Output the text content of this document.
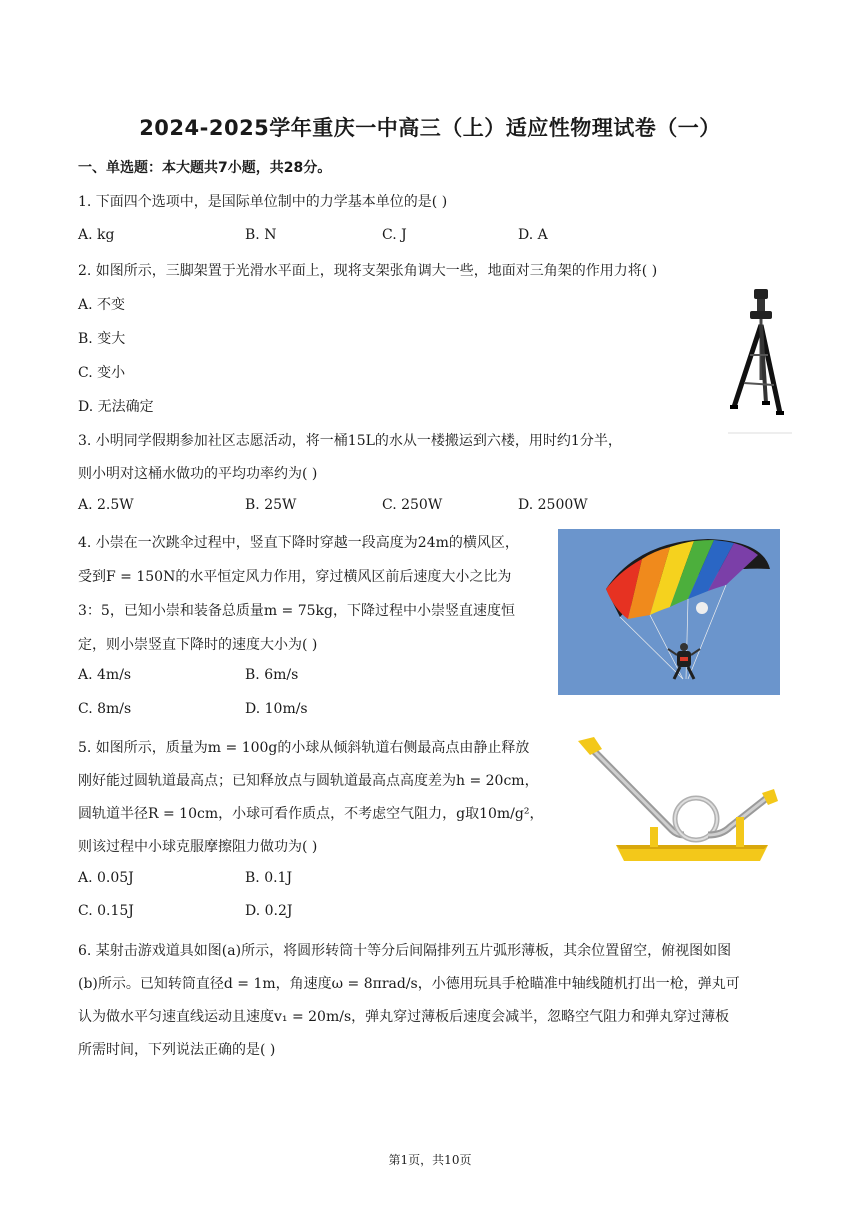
2024-2025学年重庆一中高三（上）适应性物理试卷（一）
一、单选题：本大题共7小题，共28分。
1. 下面四个选项中，是国际单位制中的力学基本单位的是( )
A. kg	B. N	C. J	D. A
2. 如图所示，三脚架置于光滑水平面上，现将支架张角调大一些，地面对三角架的作用力将( )
A. 不变
B. 变大
C. 变小
D. 无法确定
3. 小明同学假期参加社区志愿活动，将一桶15L的水从一楼搬运到六楼，用时约1分半，
则小明对这桶水做功的平均功率约为( )
A. 2.5W	B. 25W	C. 250W	D. 2500W
4. 小崇在一次跳伞过程中，竖直下降时穿越一段高度为24m的横风区，
受到F = 150N的水平恒定风力作用，穿过横风区前后速度大小之比为
3：5，已知小崇和装备总质量m = 75kg，下降过程中小崇竖直速度恒
定，则小崇竖直下降时的速度大小为( )
A. 4m/s	B. 6m/s
C. 8m/s	D. 10m/s
5. 如图所示，质量为m = 100g的小球从倾斜轨道右侧最高点由静止释放
刚好能过圆轨道最高点；已知释放点与圆轨道最高点高度差为h = 20cm，
圆轨道半径R = 10cm，小球可看作质点，不考虑空气阻力，g取10m/g²，
则该过程中小球克服摩擦阻力做功为( )
A. 0.05J	B. 0.1J
C. 0.15J	D. 0.2J
6. 某射击游戏道具如图(a)所示，将圆形转筒十等分后间隔排列五片弧形薄板，其余位置留空，俯视图如图
(b)所示。已知转筒直径d = 1m，角速度ω = 8πrad/s，小德用玩具手枪瞄准中轴线随机打出一枪，弹丸可
认为做水平匀速直线运动且速度v₁ = 20m/s，弹丸穿过薄板后速度会减半，忽略空气阻力和弹丸穿过薄板
所需时间，下列说法正确的是( )
第1页，共10页
